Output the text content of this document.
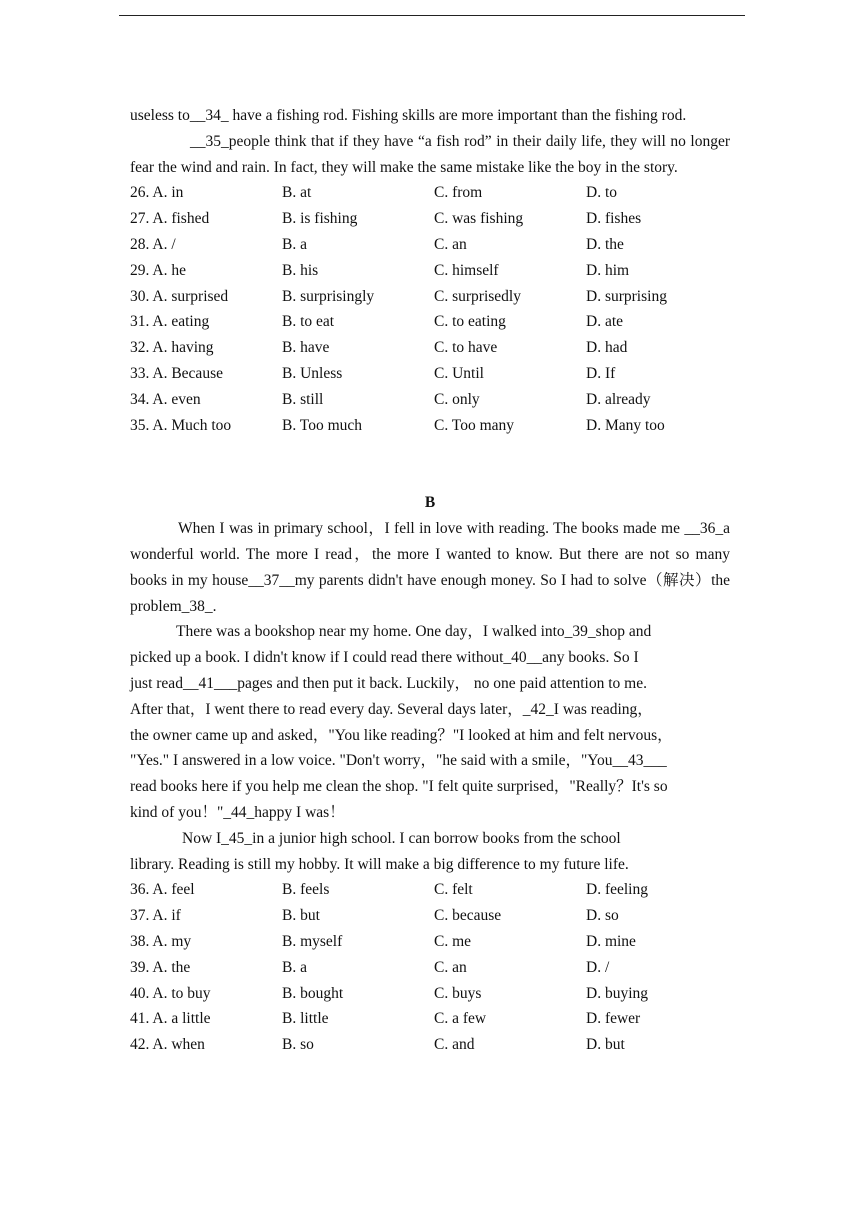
useless to__34_ have a fishing rod. Fishing skills are more important than the fishing rod.

__35_people think that if they have “a fish rod” in their daily life, they will no longer fear the wind and rain. In fact, they will make the same mistake like the boy in the story.

26. A. in	B. at	C. from	D. to
27. A. fished	B. is fishing	C. was fishing	D. fishes
28. A. /	B. a	C. an	D. the
29. A. he	B. his	C. himself	D. him
30. A. surprised	B. surprisingly	C. surprisedly	D. surprising
31. A. eating	B. to eat	C. to eating	D. ate
32. A. having	B. have	C. to have	D. had
33. A. Because	B. Unless	C. Until	D. If
34. A. even	B. still	C. only	D. already
35. A. Much too	B. Too much	C. Too many	D. Many too

B

When I was in primary school，I fell in love with reading. The books made me __36_a wonderful world. The more I read，the more I wanted to know. But there are not so many books in my house__37__my parents didn't have enough money. So I had to solve（解决）the problem_38_.

There was a bookshop near my home. One day，I walked into_39_shop and
picked up a book. I didn't know if I could read there without_40__any books. So I
just read__41___pages and then put it back. Luckily， no one paid attention to me.
After that，I went there to read every day. Several days later，_42_I was reading，
the owner came up and asked，"You like reading？"I looked at him and felt nervous，
"Yes." I answered in a low voice. "Don't worry，"he said with a smile，"You__43___
read books here if you help me clean the shop. "I felt quite surprised，"Really？It's so
kind of you！"_44_happy I was！
Now I_45_in a junior high school. I can borrow books from the school
library. Reading is still my hobby. It will make a big difference to my future life.
36. A. feel	B. feels	C. felt	D. feeling
37. A. if	B. but	C. because	D. so
38. A. my	B. myself	C. me	D. mine
39. A. the	B. a	C. an	D. /
40. A. to buy	B. bought	C. buys	D. buying
41. A. a little	B. little	C. a few	D. fewer
42. A. when	B. so	C. and	D. but
